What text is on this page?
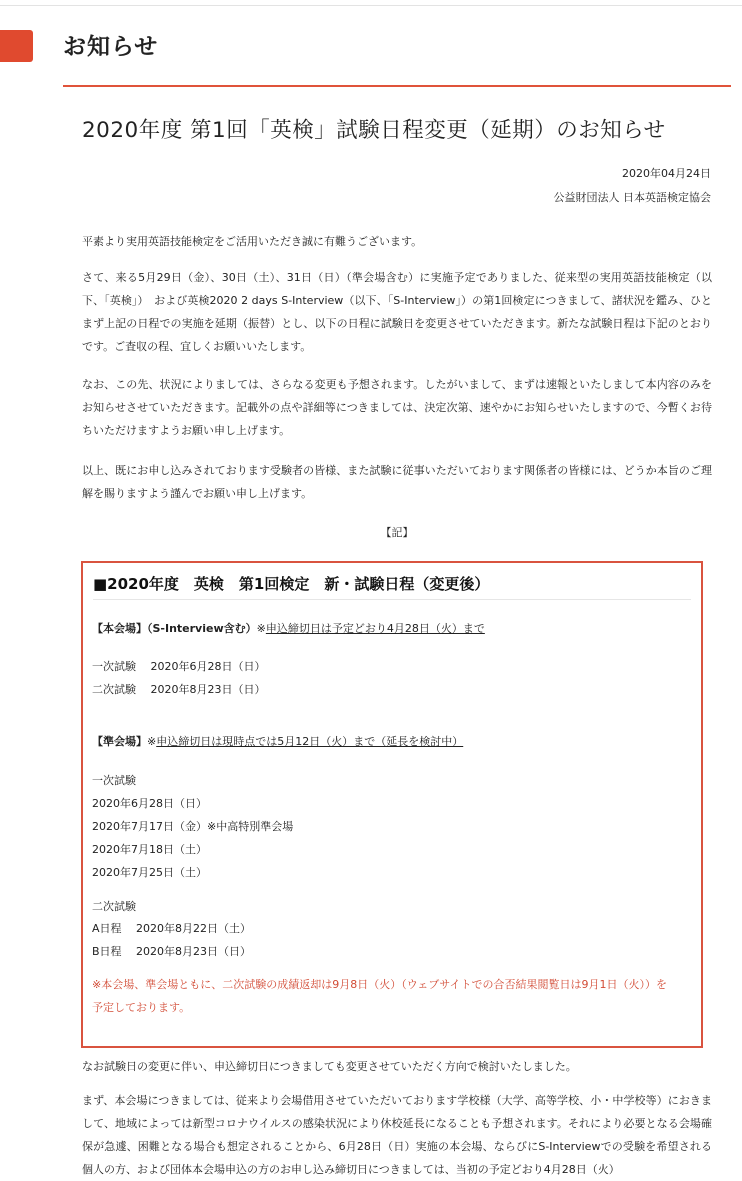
お知らせ
2020年度 第1回「英検」試験日程変更（延期）のお知らせ
2020年04月24日
公益財団法人 日本英語検定協会

平素より実用英語技能検定をご活用いただき誠に有難うございます。

さて、来る5月29日（金）、30日（土）、31日（日）（準会場含む）に実施予定でありました、従来型の実用英語技能検定（以下、「英検」）　および英検2020 2 days S-Interview（以下、「S-Interview」）の第1回検定につきまして、諸状況を鑑み、ひとまず上記の日程での実施を延期（振替）とし、以下の日程に試験日を変更させていただきます。新たな試験日程は下記のとおりです。ご査収の程、宜しくお願いいたします。

なお、この先、状況によりましては、さらなる変更も予想されます。したがいまして、まずは速報といたしまして本内容のみをお知らせさせていただきます。記載外の点や詳細等につきましては、決定次第、速やかにお知らせいたしますので、今暫くお待ちいただけますようお願い申し上げます。

以上、既にお申し込みされております受験者の皆様、また試験に従事いただいております関係者の皆様には、どうか本旨のご理解を賜りますよう謹んでお願い申し上げます。

【記】

■2020年度　英検　第1回検定　新・試験日程（変更後）

【本会場】（S-Interview含む）※申込締切日は予定どおり4月28日（火）まで

一次試験　 2020年6月28日（日）

二次試験　 2020年8月23日（日）

【準会場】※申込締切日は現時点では5月12日（火）まで（延長を検討中）

一次試験

2020年6月28日（日）

2020年7月17日（金）※中高特別準会場

2020年7月18日（土）

2020年7月25日（土）

二次試験

A日程　 2020年8月22日（土）

B日程　 2020年8月23日（日）

※本会場、準会場ともに、二次試験の成績返却は9月8日（火）（ウェブサイトでの合否結果閲覧日は9月1日（火））を予定しております。

なお試験日の変更に伴い、申込締切日につきましても変更させていただく方向で検討いたしました。

まず、本会場につきましては、従来より会場借用させていただいております学校様（大学、高等学校、小・中学校等）におきまして、地域によっては新型コロナウイルスの感染状況により休校延長になることも予想されます。それにより必要となる会場確保が急遽、困難となる場合も想定されることから、6月28日（日）実施の本会場、ならびにS-Interviewでの受験を希望される個人の方、および団体本会場申込の方のお申し込み締切日につきましては、当初の予定どおり4月28日（火）
